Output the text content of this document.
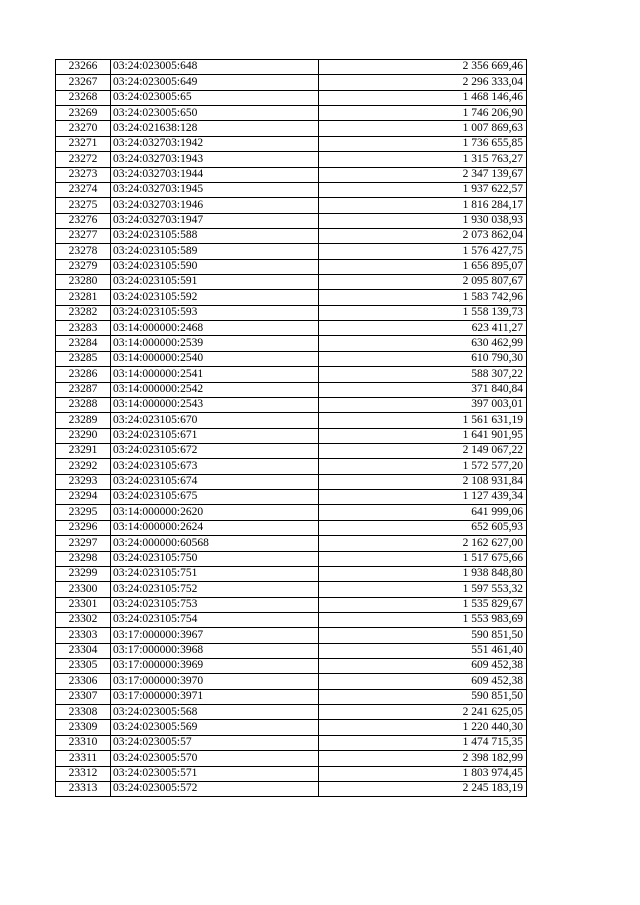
23266	03:24:023005:648	2 356 669,46
23267	03:24:023005:649	2 296 333,04
23268	03:24:023005:65	1 468 146,46
23269	03:24:023005:650	1 746 206,90
23270	03:24:021638:128	1 007 869,63
23271	03:24:032703:1942	1 736 655,85
23272	03:24:032703:1943	1 315 763,27
23273	03:24:032703:1944	2 347 139,67
23274	03:24:032703:1945	1 937 622,57
23275	03:24:032703:1946	1 816 284,17
23276	03:24:032703:1947	1 930 038,93
23277	03:24:023105:588	2 073 862,04
23278	03:24:023105:589	1 576 427,75
23279	03:24:023105:590	1 656 895,07
23280	03:24:023105:591	2 095 807,67
23281	03:24:023105:592	1 583 742,96
23282	03:24:023105:593	1 558 139,73
23283	03:14:000000:2468	623 411,27
23284	03:14:000000:2539	630 462,99
23285	03:14:000000:2540	610 790,30
23286	03:14:000000:2541	588 307,22
23287	03:14:000000:2542	371 840,84
23288	03:14:000000:2543	397 003,01
23289	03:24:023105:670	1 561 631,19
23290	03:24:023105:671	1 641 901,95
23291	03:24:023105:672	2 149 067,22
23292	03:24:023105:673	1 572 577,20
23293	03:24:023105:674	2 108 931,84
23294	03:24:023105:675	1 127 439,34
23295	03:14:000000:2620	641 999,06
23296	03:14:000000:2624	652 605,93
23297	03:24:000000:60568	2 162 627,00
23298	03:24:023105:750	1 517 675,66
23299	03:24:023105:751	1 938 848,80
23300	03:24:023105:752	1 597 553,32
23301	03:24:023105:753	1 535 829,67
23302	03:24:023105:754	1 553 983,69
23303	03:17:000000:3967	590 851,50
23304	03:17:000000:3968	551 461,40
23305	03:17:000000:3969	609 452,38
23306	03:17:000000:3970	609 452,38
23307	03:17:000000:3971	590 851,50
23308	03:24:023005:568	2 241 625,05
23309	03:24:023005:569	1 220 440,30
23310	03:24:023005:57	1 474 715,35
23311	03:24:023005:570	2 398 182,99
23312	03:24:023005:571	1 803 974,45
23313	03:24:023005:572	2 245 183,19
